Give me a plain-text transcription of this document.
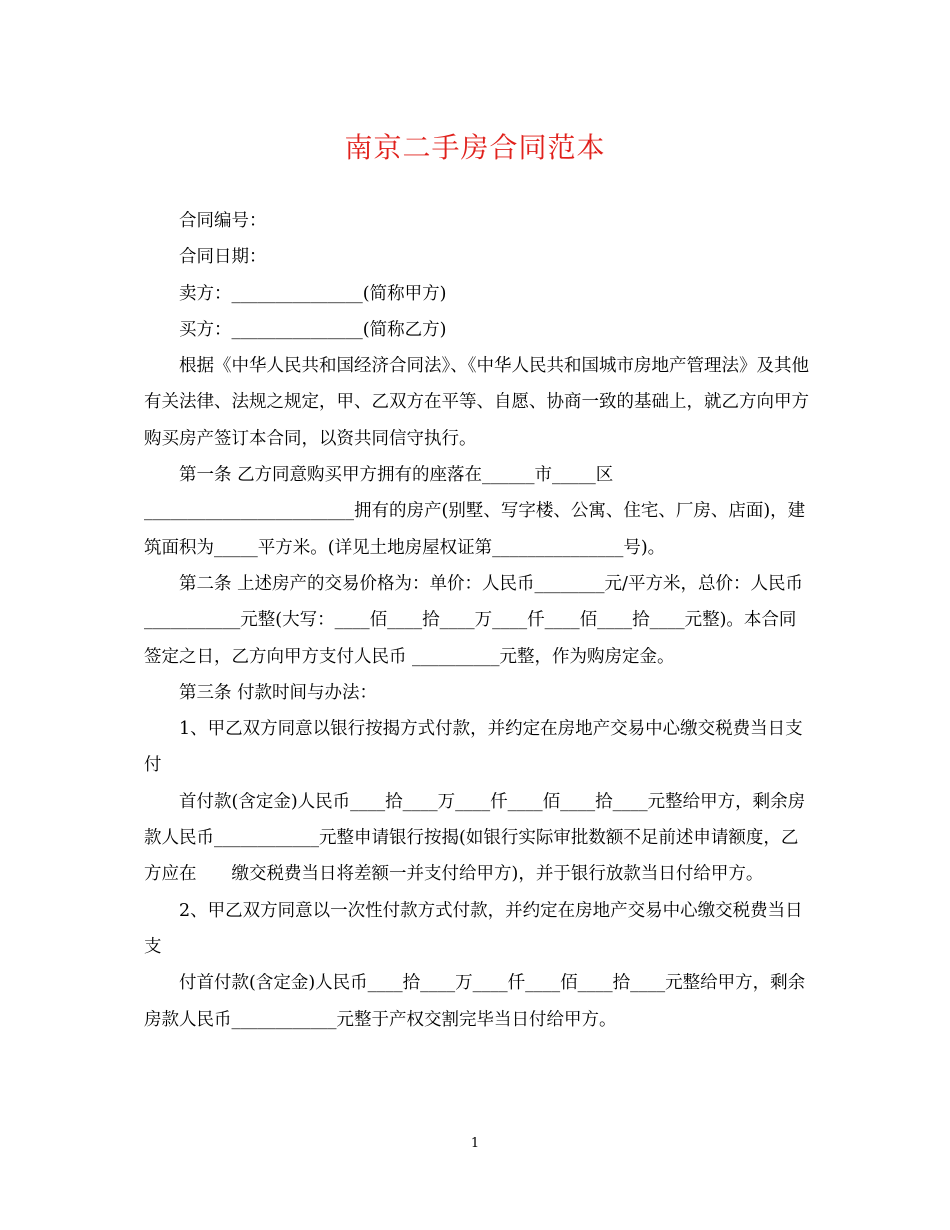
南京二手房合同范本

合同编号：

合同日期：

卖方：_______________(简称甲方)

买方：_______________(简称乙方)

根据《中华人民共和国经济合同法》、《中华人民共和国城市房地产管理法》及其他有关法律、法规之规定，甲、乙双方在平等、自愿、协商一致的基础上，就乙方向甲方购买房产签订本合同，以资共同信守执行。

第一条 乙方同意购买甲方拥有的座落在______市_____区________________________拥有的房产(别墅、写字楼、公寓、住宅、厂房、店面)，建筑面积为_____平方米。(详见土地房屋权证第_______________号)。

第二条 上述房产的交易价格为：单价：人民币________元/平方米，总价：人民币___________元整(大写：____佰____拾____万____仟____佰____拾____元整)。本合同签定之日，乙方向甲方支付人民币 __________元整，作为购房定金。

第三条 付款时间与办法：

1、甲乙双方同意以银行按揭方式付款，并约定在房地产交易中心缴交税费当日支付

首付款(含定金)人民币____拾____万____仟____佰____拾____元整给甲方，剩余房款人民币____________元整申请银行按揭(如银行实际审批数额不足前述申请额度，乙方应在　　缴交税费当日将差额一并支付给甲方)，并于银行放款当日付给甲方。

2、甲乙双方同意以一次性付款方式付款，并约定在房地产交易中心缴交税费当日支

付首付款(含定金)人民币____拾____万____仟____佰____拾____元整给甲方，剩余房款人民币____________元整于产权交割完毕当日付给甲方。

1
